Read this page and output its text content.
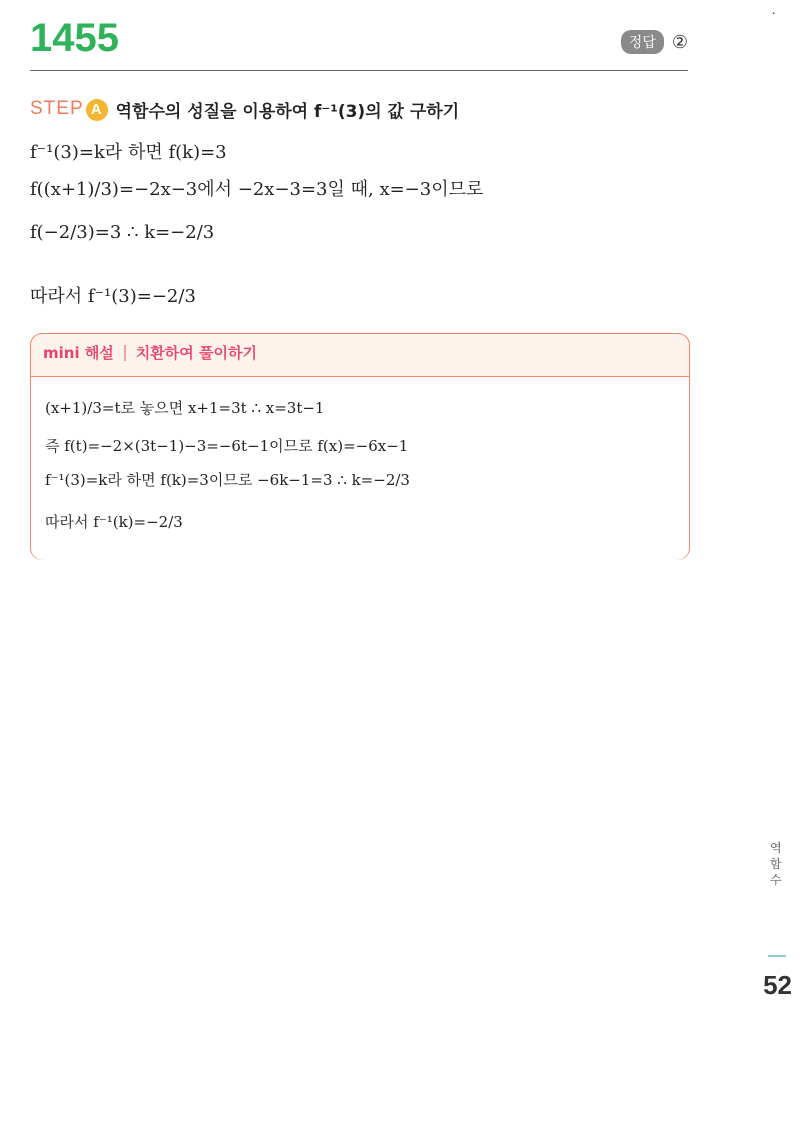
·
1455	정답 ②
STEP A 역함수의 성질을 이용하여 f⁻¹(3)의 값 구하기
f⁻¹(3)=k라 하면 f(k)=3
f((x+1)/3)=−2x−3에서 −2x−3=3일 때, x=−3이므로
f(−2/3)=3 ∴ k=−2/3
따라서 f⁻¹(3)=−2/3
mini 해설 치환하여 풀이하기
(x+1)/3=t로 놓으면 x+1=3t ∴ x=3t−1
즉 f(t)=−2×(3t−1)−3=−6t−1이므로 f(x)=−6x−1
f⁻¹(3)=k라 하면 f(k)=3이므로 −6k−1=3 ∴ k=−2/3
따라서 f⁻¹(k)=−2/3
역함수
52
